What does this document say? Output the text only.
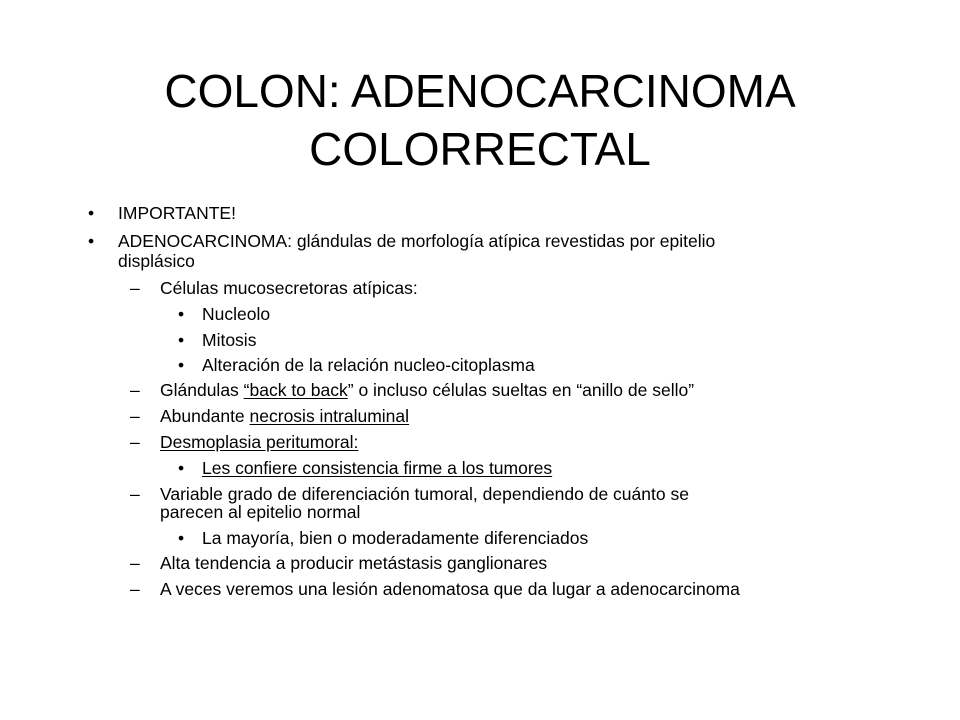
COLON: ADENOCARCINOMA
COLORRECTAL
• IMPORTANTE!
• ADENOCARCINOMA: glándulas de morfología atípica revestidas por epitelio
displásico
– Células mucosecretoras atípicas:
• Nucleolo
• Mitosis
• Alteración de la relación nucleo-citoplasma
– Glándulas “back to back” o incluso células sueltas en “anillo de sello”
– Abundante necrosis intraluminal
– Desmoplasia peritumoral:
• Les confiere consistencia firme a los tumores
– Variable grado de diferenciación tumoral, dependiendo de cuánto se
parecen al epitelio normal
• La mayoría, bien o moderadamente diferenciados
– Alta tendencia a producir metástasis ganglionares
– A veces veremos una lesión adenomatosa que da lugar a adenocarcinoma
